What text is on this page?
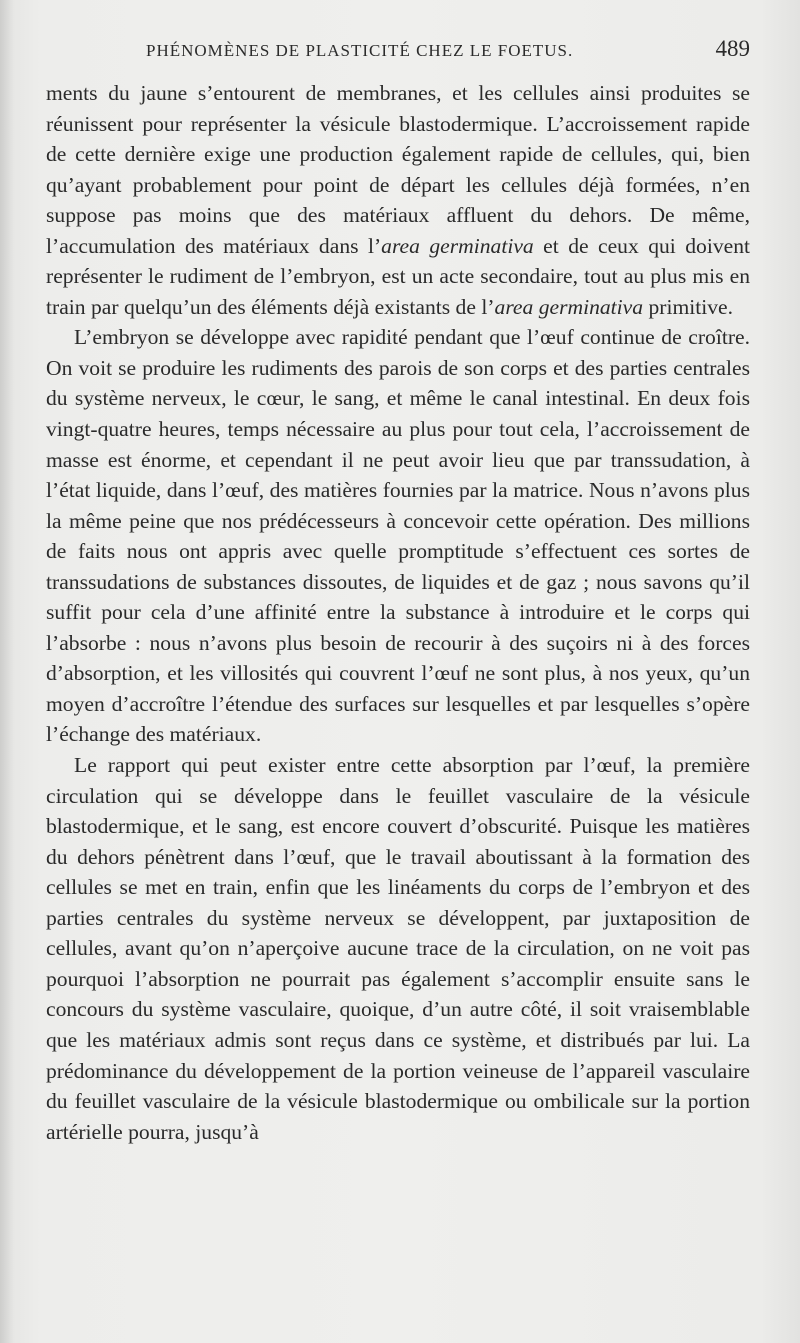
PHÉNOMÈNES DE PLASTICITÉ CHEZ LE FOETUS.	489

ments du jaune s’entourent de membranes, et les cellules ainsi produites se réunissent pour représenter la vésicule blastodermique. L’accroissement rapide de cette dernière exige une production également rapide de cellules, qui, bien qu’ayant probablement pour point de départ les cellules déjà formées, n’en suppose pas moins que des matériaux affluent du dehors. De même, l’accumulation des matériaux dans l’area germinativa et de ceux qui doivent représenter le rudiment de l’embryon, est un acte secondaire, tout au plus mis en train par quelqu’un des éléments déjà existants de l’area germinativa primitive.

L’embryon se développe avec rapidité pendant que l’œuf continue de croître. On voit se produire les rudiments des parois de son corps et des parties centrales du système nerveux, le cœur, le sang, et même le canal intestinal. En deux fois vingt-quatre heures, temps nécessaire au plus pour tout cela, l’accroissement de masse est énorme, et cependant il ne peut avoir lieu que par transsudation, à l’état liquide, dans l’œuf, des matières fournies par la matrice. Nous n’avons plus la même peine que nos prédécesseurs à concevoir cette opération. Des millions de faits nous ont appris avec quelle promptitude s’effectuent ces sortes de transsudations de substances dissoutes, de liquides et de gaz ; nous savons qu’il suffit pour cela d’une affinité entre la substance à introduire et le corps qui l’absorbe : nous n’avons plus besoin de recourir à des suçoirs ni à des forces d’absorption, et les villosités qui couvrent l’œuf ne sont plus, à nos yeux, qu’un moyen d’accroître l’étendue des surfaces sur lesquelles et par lesquelles s’opère l’échange des matériaux.

Le rapport qui peut exister entre cette absorption par l’œuf, la première circulation qui se développe dans le feuillet vasculaire de la vésicule blastodermique, et le sang, est encore couvert d’obscurité. Puisque les matières du dehors pénètrent dans l’œuf, que le travail aboutissant à la formation des cellules se met en train, enfin que les linéaments du corps de l’embryon et des parties centrales du système nerveux se développent, par juxtaposition de cellules, avant qu’on n’aperçoive aucune trace de la circulation, on ne voit pas pourquoi l’absorption ne pourrait pas également s’accomplir ensuite sans le concours du système vasculaire, quoique, d’un autre côté, il soit vraisemblable que les matériaux admis sont reçus dans ce système, et distribués par lui. La prédominance du développement de la portion veineuse de l’appareil vasculaire du feuillet vasculaire de la vésicule blastodermique ou ombilicale sur la portion artérielle pourra, jusqu’à
